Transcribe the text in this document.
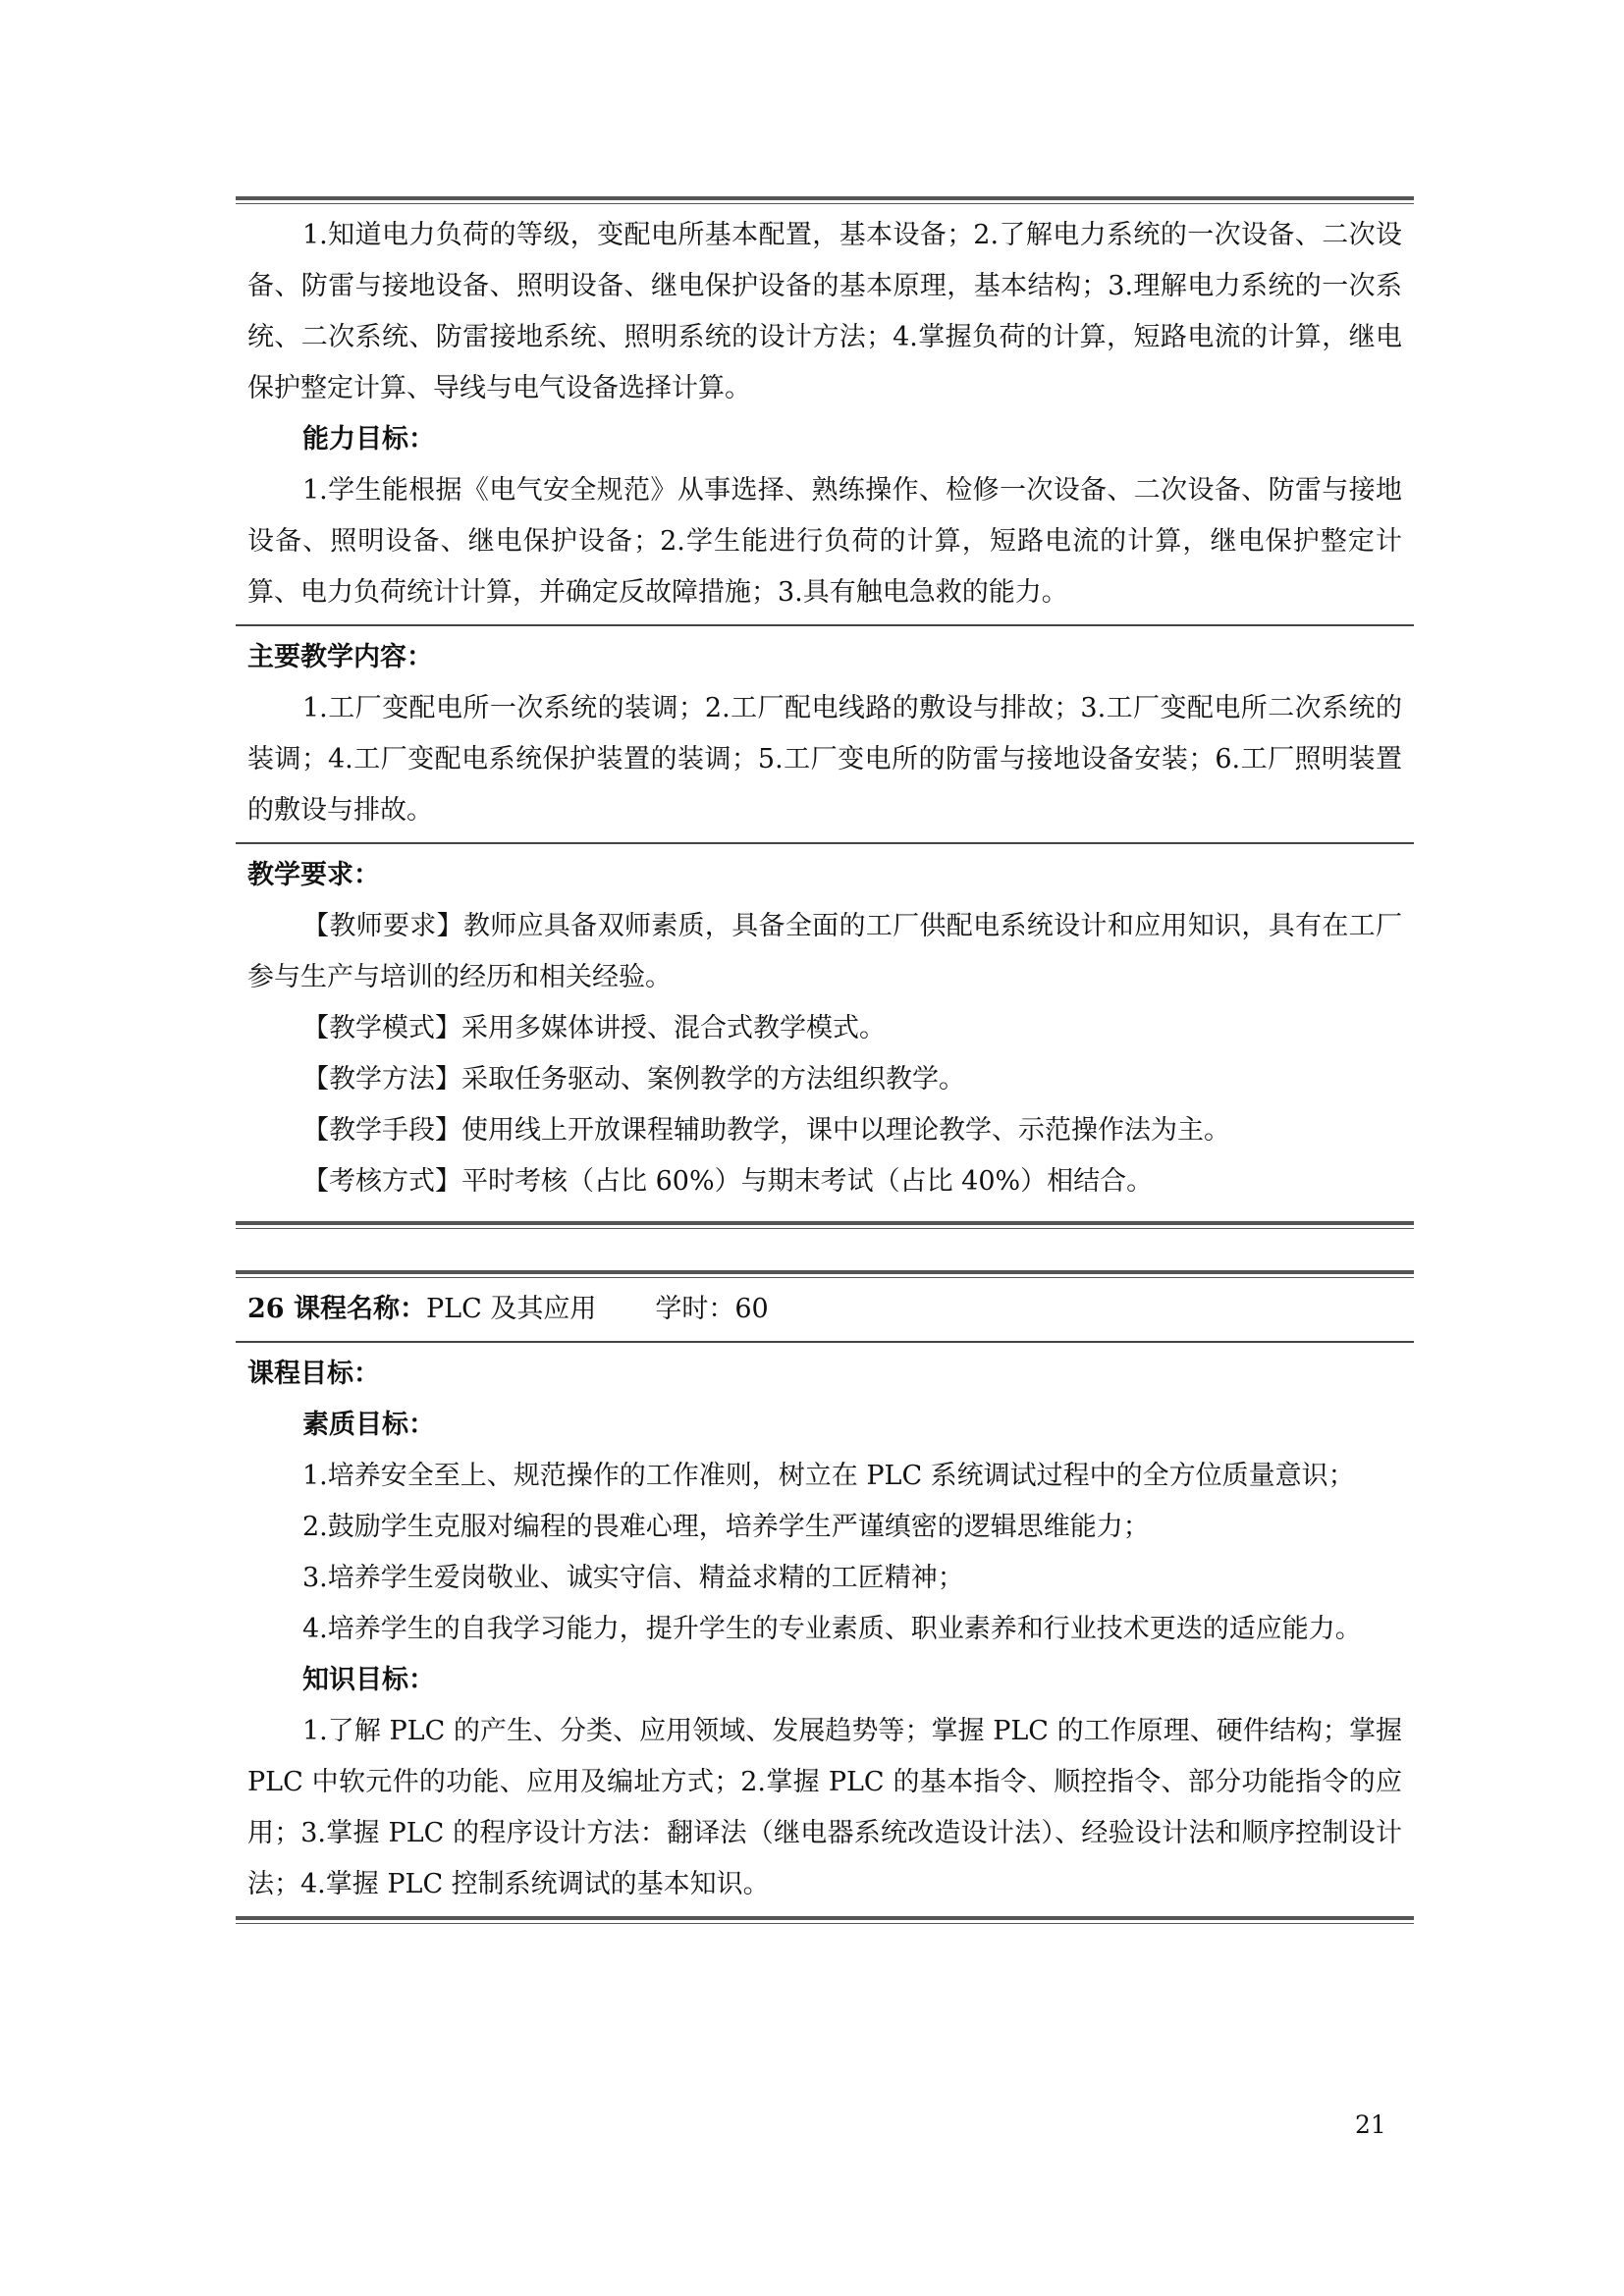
1.知道电力负荷的等级，变配电所基本配置，基本设备；2.了解电力系统的一次设备、二次设备、防雷与接地设备、照明设备、继电保护设备的基本原理，基本结构；3.理解电力系统的一次系统、二次系统、防雷接地系统、照明系统的设计方法；4.掌握负荷的计算，短路电流的计算，继电保护整定计算、导线与电气设备选择计算。

能力目标：

1.学生能根据《电气安全规范》从事选择、熟练操作、检修一次设备、二次设备、防雷与接地设备、照明设备、继电保护设备；2.学生能进行负荷的计算，短路电流的计算，继电保护整定计算、电力负荷统计计算，并确定反故障措施；3.具有触电急救的能力。

主要教学内容：

1.工厂变配电所一次系统的装调；2.工厂配电线路的敷设与排故；3.工厂变配电所二次系统的装调；4.工厂变配电系统保护装置的装调；5.工厂变电所的防雷与接地设备安装；6.工厂照明装置的敷设与排故。

教学要求：

【教师要求】教师应具备双师素质，具备全面的工厂供配电系统设计和应用知识，具有在工厂参与生产与培训的经历和相关经验。

【教学模式】采用多媒体讲授、混合式教学模式。

【教学方法】采取任务驱动、案例教学的方法组织教学。

【教学手段】使用线上开放课程辅助教学，课中以理论教学、示范操作法为主。

【考核方式】平时考核（占比 60%）与期末考试（占比 40%）相结合。

26 课程名称：PLC 及其应用 学时：60

课程目标：

素质目标：

1.培养安全至上、规范操作的工作准则，树立在 PLC 系统调试过程中的全方位质量意识；

2.鼓励学生克服对编程的畏难心理，培养学生严谨缜密的逻辑思维能力；

3.培养学生爱岗敬业、诚实守信、精益求精的工匠精神；

4.培养学生的自我学习能力，提升学生的专业素质、职业素养和行业技术更迭的适应能力。

知识目标：

1.了解 PLC 的产生、分类、应用领域、发展趋势等；掌握 PLC 的工作原理、硬件结构；掌握 PLC 中软元件的功能、应用及编址方式；2.掌握 PLC 的基本指令、顺控指令、部分功能指令的应用；3.掌握 PLC 的程序设计方法：翻译法（继电器系统改造设计法）、经验设计法和顺序控制设计法；4.掌握 PLC 控制系统调试的基本知识。

21
